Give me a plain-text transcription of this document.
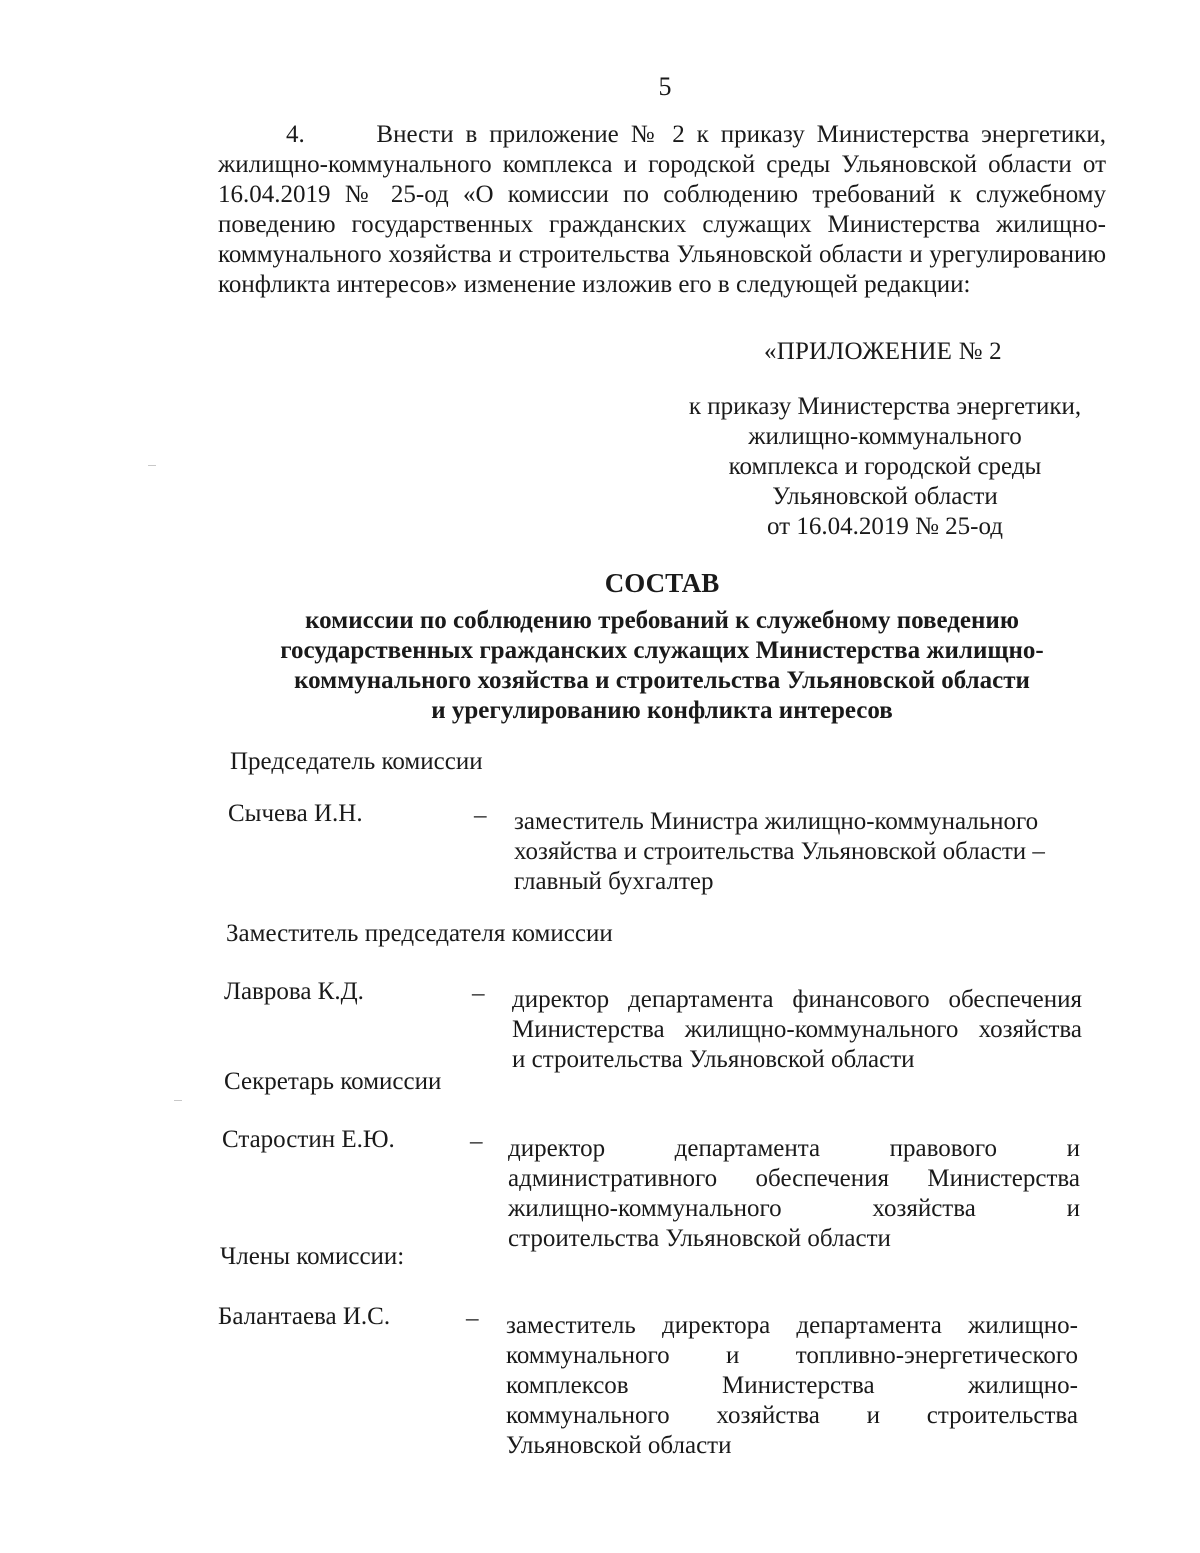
5

4.      Внести в приложение № 2 к приказу Министерства энергетики, жилищно-коммунального комплекса и городской среды Ульяновской области от 16.04.2019 № 25-од «О комиссии по соблюдению требований к служебному поведению государственных гражданских служащих Министерства жилищно-коммунального хозяйства и строительства Ульяновской области и урегулированию конфликта интересов» изменение изложив его в следующей редакции:

«ПРИЛОЖЕНИЕ № 2
к приказу Министерства энергетики,
жилищно-коммунального
комплекса и городской среды
Ульяновской области
от 16.04.2019 № 25-од
СОСТАВ
комиссии по соблюдению требований к служебному поведению
государственных гражданских служащих Министерства жилищно-
коммунального хозяйства и строительства Ульяновской области
и урегулированию конфликта интересов
Председатель комиссии
Сычева И.Н.	– заместитель Министра жилищно-коммунального
хозяйства и строительства Ульяновской области –
главный бухгалтер
Заместитель председателя комиссии
Лаврова К.Д.	– директор департамента финансового обеспечения
Министерства жилищно-коммунального хозяйства
и строительства Ульяновской области
Секретарь комиссии
Старостин Е.Ю.	– директор департамента правового и
административного обеспечения Министерства
жилищно-коммунального хозяйства и
строительства Ульяновской области
Члены комиссии:
Балантаева И.С.	– заместитель директора департамента жилищно-
коммунального и топливно-энергетического
комплексов Министерства жилищно-
коммунального хозяйства и строительства
Ульяновской области
